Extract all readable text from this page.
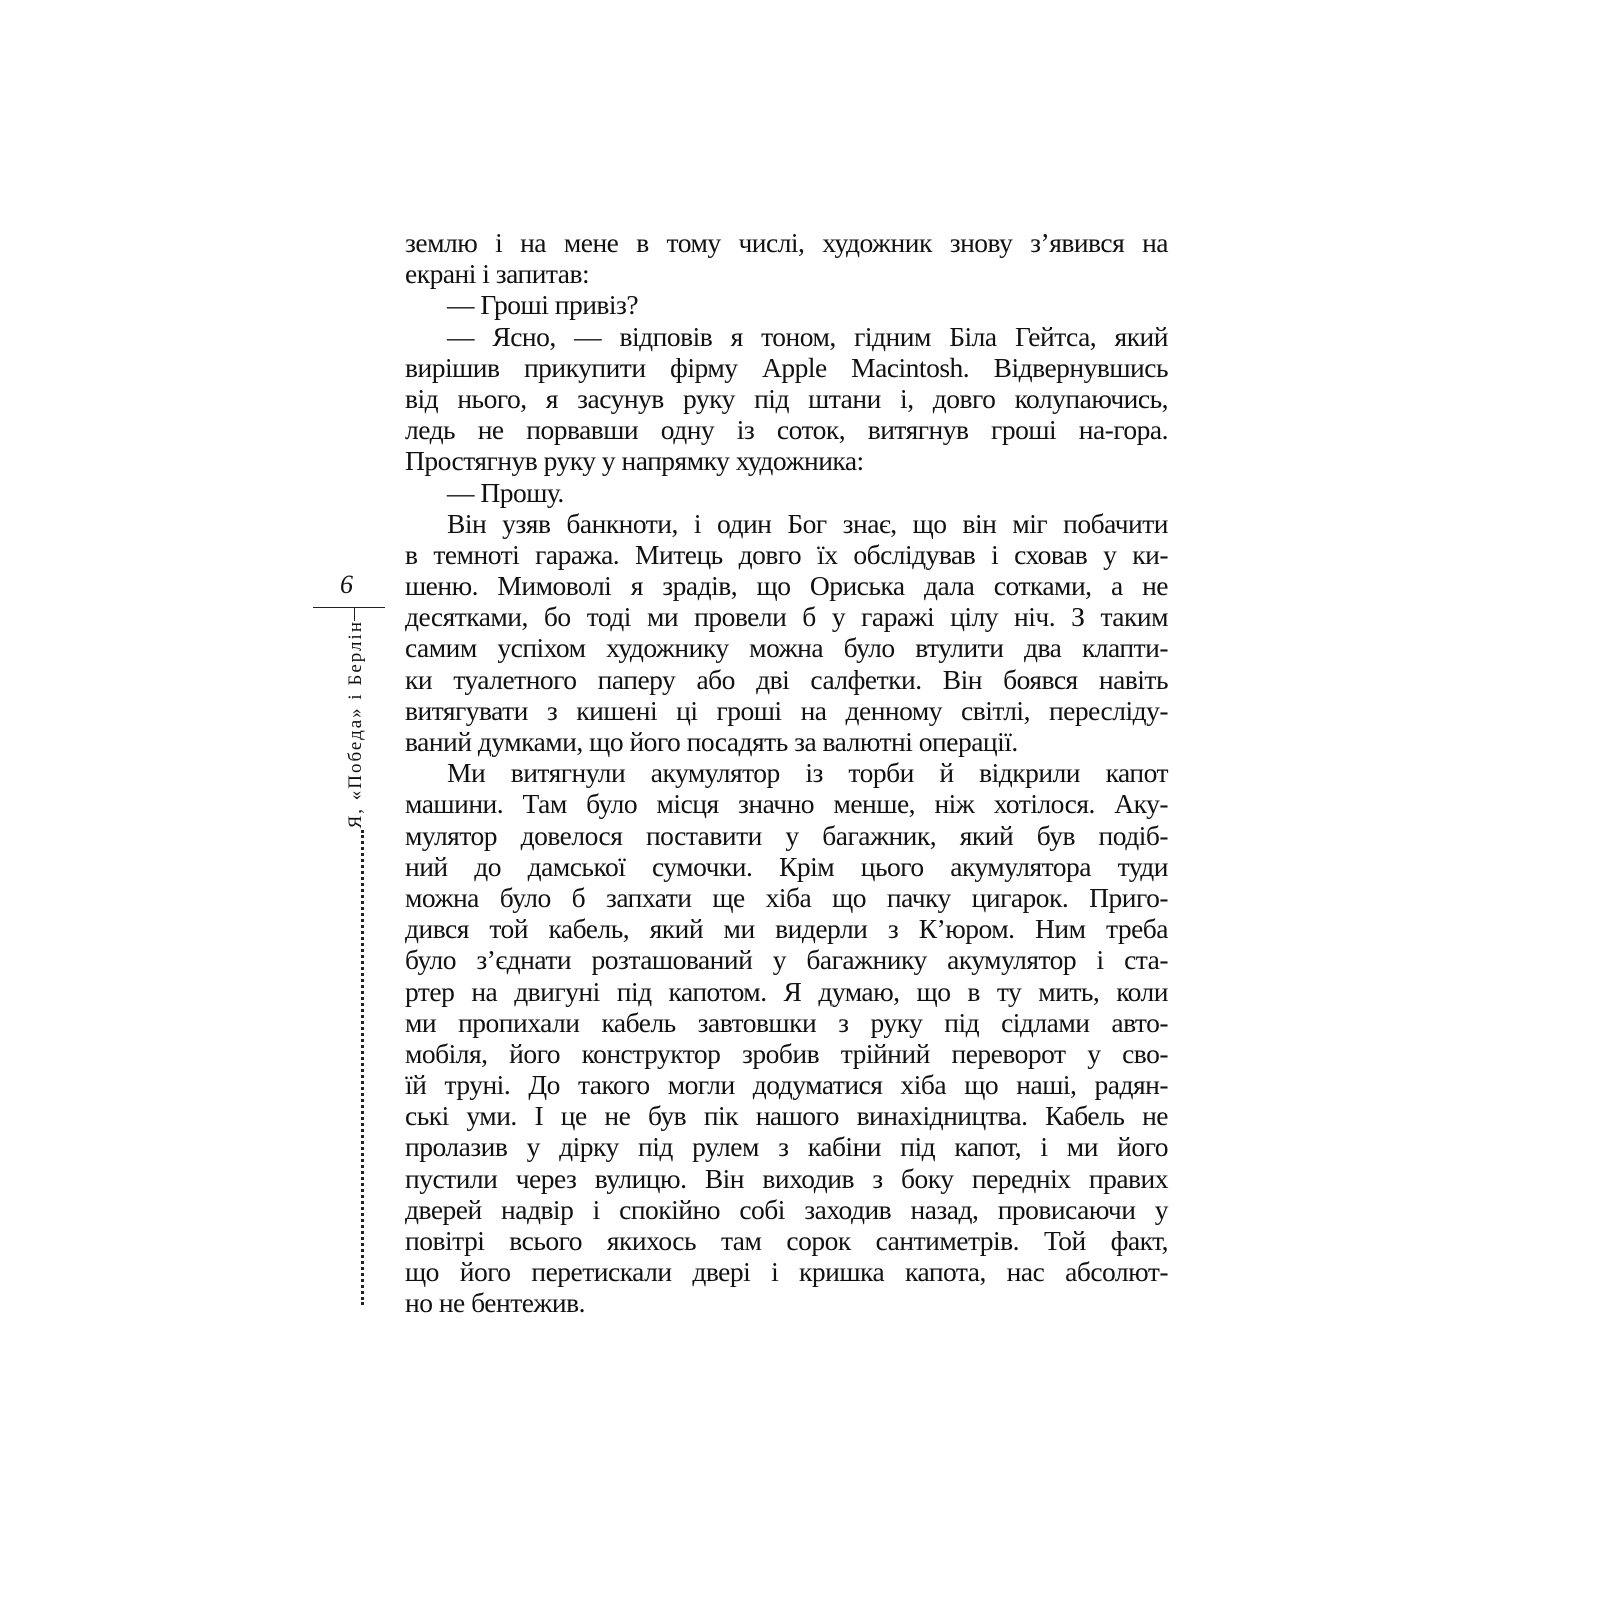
6
Я, «Победа» і Берлін
землю і на мене в тому числі, художник знову з’явився на
екрані і запитав:
— Гроші привіз?
— Ясно, — відповів я тоном, гідним Біла Гейтса, який
вирішив прикупити фірму Apple Macintosh. Відвернувшись
від нього, я засунув руку під штани і, довго колупаючись,
ледь не порвавши одну із соток, витягнув гроші на-гора.
Простягнув руку у напрямку художника:
— Прошу.
Він узяв банкноти, і один Бог знає, що він міг побачити
в темноті гаража. Митець довго їх обслідував і сховав у ки-
шеню. Мимоволі я зрадів, що Ориська дала сотками, а не
десятками, бо тоді ми провели б у гаражі цілу ніч. З таким
самим успіхом художнику можна було втулити два клапти-
ки туалетного паперу або дві салфетки. Він боявся навіть
витягувати з кишені ці гроші на денному світлі, пересліду-
ваний думками, що його посадять за валютні операції.
Ми витягнули акумулятор із торби й відкрили капот
машини. Там було місця значно менше, ніж хотілося. Аку-
мулятор довелося поставити у багажник, який був подіб-
ний до дамської сумочки. Крім цього акумулятора туди
можна було б запхати ще хіба що пачку цигарок. Приго-
дився той кабель, який ми видерли з К’юром. Ним треба
було з’єднати розташований у багажнику акумулятор і ста-
ртер на двигуні під капотом. Я думаю, що в ту мить, коли
ми пропихали кабель завтовшки з руку під сідлами авто-
мобіля, його конструктор зробив трійний переворот у сво-
їй труні. До такого могли додуматися хіба що наші, радян-
ські уми. І це не був пік нашого винахідництва. Кабель не
пролазив у дірку під рулем з кабіни під капот, і ми його
пустили через вулицю. Він виходив з боку передніх правих
дверей надвір і спокійно собі заходив назад, провисаючи у
повітрі всього якихось там сорок сантиметрів. Той факт,
що його перетискали двері і кришка капота, нас абсолют-
но не бентежив.
